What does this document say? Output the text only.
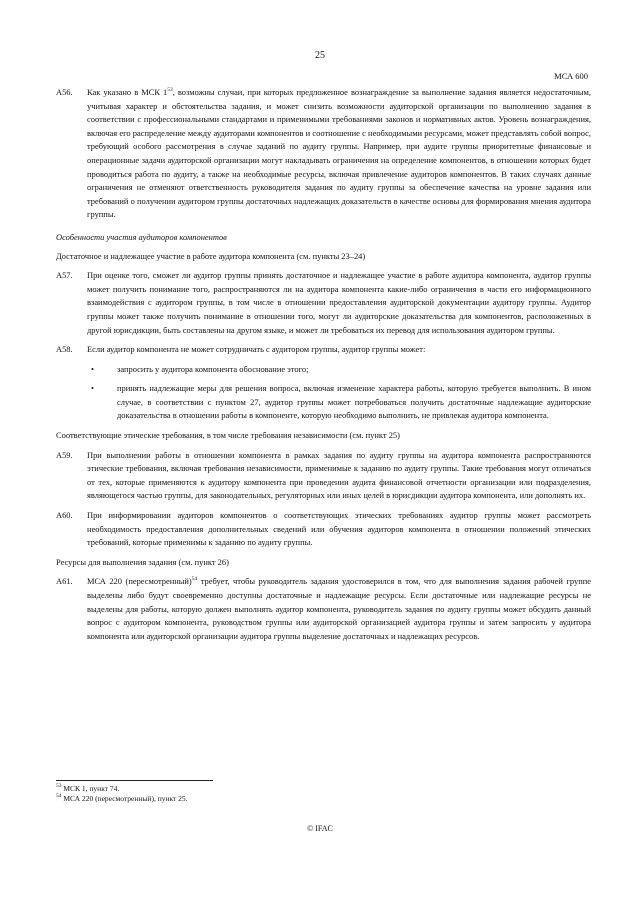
25
МСА 600
A56.	Как указано в МСК $1^{53}$, возможны случаи, при которых предложенное вознаграждение за выполнение задания является недостаточным, учитывая характер и обстоятельства задания, и может снизить возможности аудиторской организации по выполнению задания в соответствии с профессиональными стандартами и применимыми требованиями законов и нормативных актов. Уровень вознаграждения, включая его распределение между аудиторами компонентов и соотношение с необходимыми ресурсами, может представлять собой вопрос, требующий особого рассмотрения в случае заданий по аудиту группы. Например, при аудите группы приоритетные финансовые и операционные задачи аудиторской организации могут накладывать ограничения на определение компонентов, в отношении которых будет проводиться работа по аудиту, а также на необходимые ресурсы, включая привлечение аудиторов компонентов. В таких случаях данные ограничения не отменяют ответственность руководителя задания по аудиту группы за обеспечение качества на уровне задания или требований о получении аудитором группы достаточных надлежащих доказательств в качестве основы для формирования мнения аудитора группы.
Особенности участия аудиторов компонентов
Достаточное и надлежащее участие в работе аудитора компонента (см. пункты 23–24)
A57.	При оценке того, сможет ли аудитор группы принять достаточное и надлежащее участие в работе аудитора компонента, аудитор группы может получить понимание того, распространяются ли на аудитора компонента какие-либо ограничения в части его информационного взаимодействия с аудитором группы, в том числе в отношении предоставления аудиторской документации аудитору группы. Аудитор группы может также получить понимание в отношении того, могут ли аудиторские доказательства для компонентов, расположенных в другой юрисдикции, быть составлены на другом языке, и может ли требоваться их перевод для использования аудитором группы.
A58.	Если аудитор компонента не может сотрудничать с аудитором группы, аудитор группы может:
•	запросить у аудитора компонента обоснование этого;
•	принять надлежащие меры для решения вопроса, включая изменение характера работы, которую требуется выполнить. В ином случае, в соответствии с пунктом 27, аудитор группы может потребоваться получить достаточные надлежащие аудиторские доказательства в отношении работы в компоненте, которую необходимо выполнить, не привлекая аудитора компонента.
Соответствующие этические требования, в том числе требования независимости (см. пункт 25)
A59.	При выполнении работы в отношении компонента в рамках задания по аудиту группы на аудитора компонента распространяются этические требования, включая требования независимости, применимые к заданию по аудиту группы. Такие требования могут отличаться от тех, которые применяются к аудитору компонента при проведении аудита финансовой отчетности организации или подразделения, являющегося частью группы, для законодательных, регуляторных или иных целей в юрисдикции аудитора компонента, или дополнять их.
A60.	При информировании аудиторов компонентов о соответствующих этических требованиях аудитор группы может рассмотреть необходимость предоставления дополнительных сведений или обучения аудиторов компонента в отношении положений этических требований, которые применимы к заданию по аудиту группы.
Ресурсы для выполнения задания (см. пункт 26)
A61.	МСА 220 (пересмотренный)$^{54}$ требует, чтобы руководитель задания удостоверился в том, что для выполнения задания рабочей группе выделены либо будут своевременно доступны достаточные и надлежащие ресурсы. Если достаточные или надлежащие ресурсы не выделены для работы, которую должен выполнять аудитор компонента, руководитель задания по аудиту группы может обсудить данный вопрос с аудитором компонента, руководством группы или аудиторской организацией аудитора группы и затем запросить у аудитора компонента или аудиторской организации аудитора группы выделение достаточных и надлежащих ресурсов.
$^{53}$ МСК 1, пункт 74.
$^{54}$ МСА 220 (пересмотренный), пункт 25.
© IFAC
